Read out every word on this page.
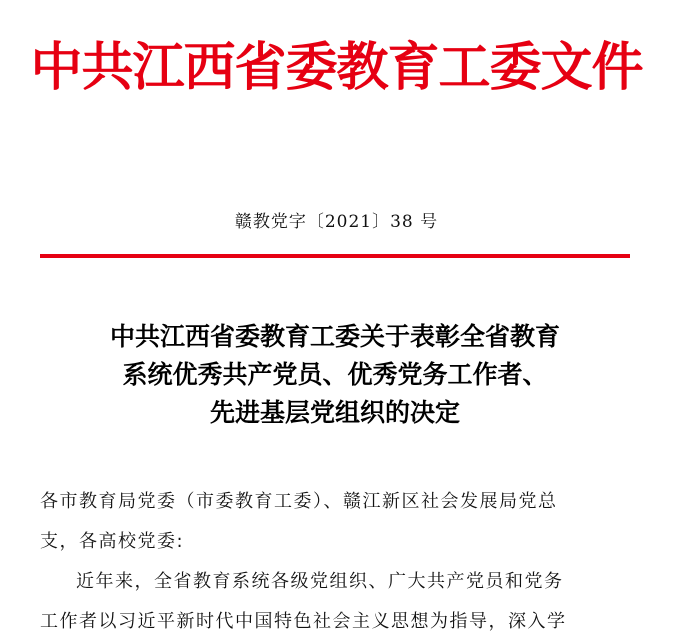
中共江西省委教育工委文件
赣教党字〔2021〕38 号
中共江西省委教育工委关于表彰全省教育
系统优秀共产党员、优秀党务工作者、
先进基层党组织的决定
各市教育局党委（市委教育工委）、赣江新区社会发展局党总
支，各高校党委:
近年来，全省教育系统各级党组织、广大共产党员和党务
工作者以习近平新时代中国特色社会主义思想为指导，深入学
